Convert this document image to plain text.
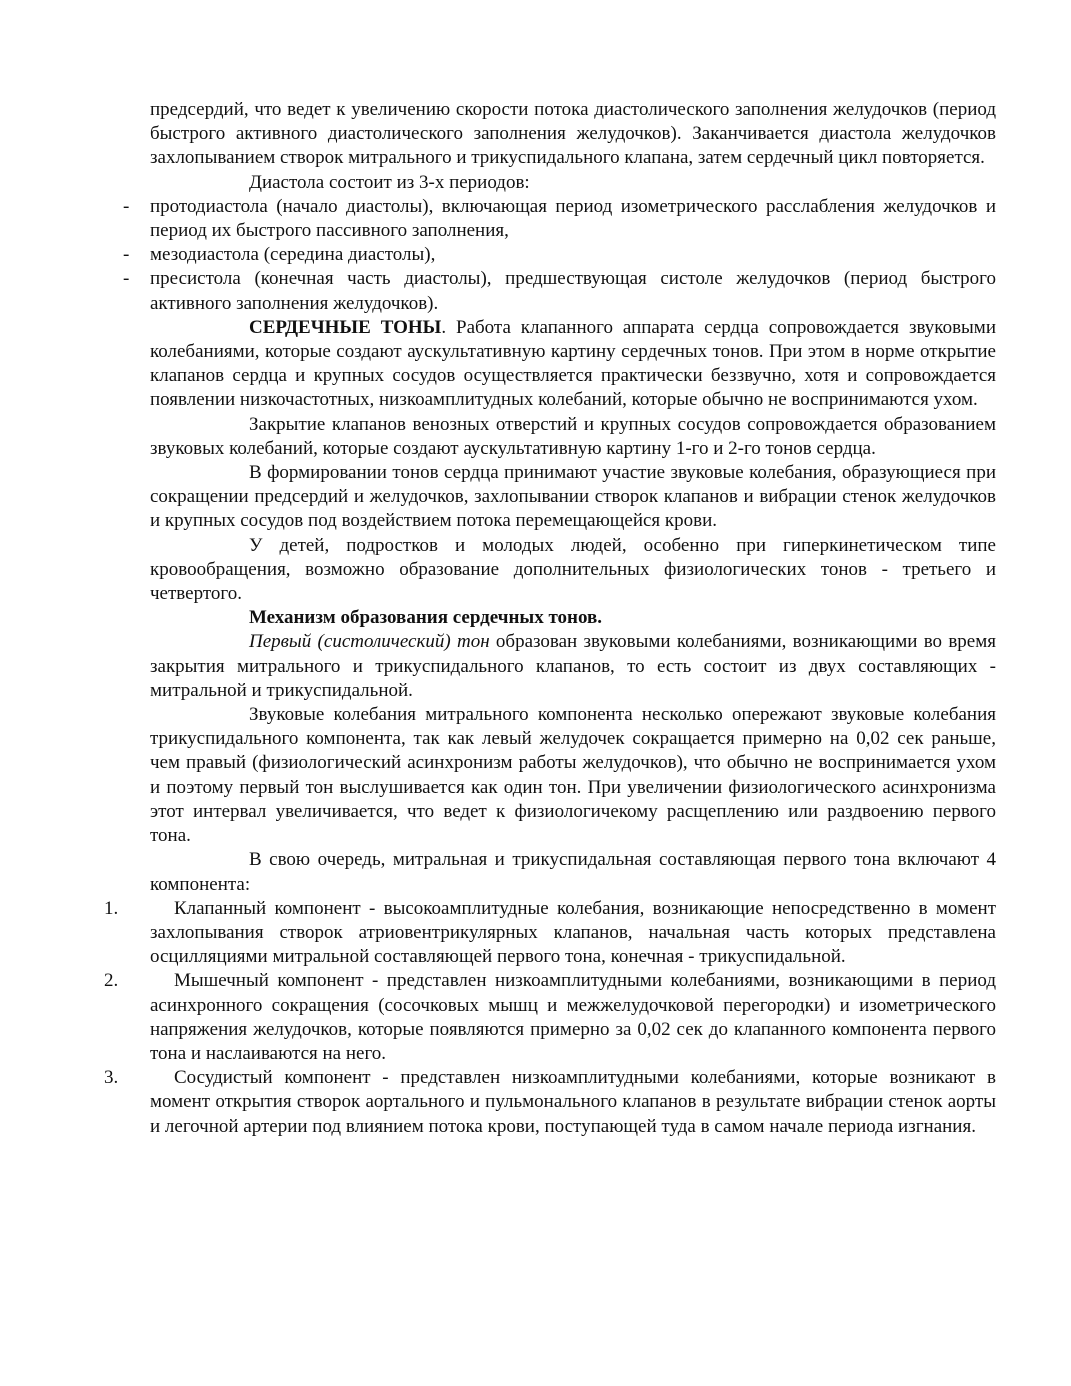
предсердий, что ведет к увеличению скорости потока диастолического заполнения желудочков (период быстрого активного диастолического заполнения желудочков). Заканчивается диастола желудочков захлопыванием створок митрального и трикуспидального клапана, затем сердечный цикл повторяется.

Диастола состоит из 3-х периодов:

- протодиастола (начало диастолы), включающая период изометрического расслабления желудочков и период их быстрого пассивного заполнения,

- мезодиастола (середина диастолы),

- пресистола (конечная часть диастолы), предшествующая систоле желудочков (период быстрого активного заполнения желудочков).

СЕРДЕЧНЫЕ ТОНЫ. Работа клапанного аппарата сердца сопровождается звуковыми колебаниями, которые создают аускультативную картину сердечных тонов. При этом в норме открытие клапанов сердца и крупных сосудов осуществляется практически беззвучно, хотя и сопровождается появлении низкочастотных, низкоамплитудных колебаний, которые обычно не воспринимаются ухом.

Закрытие клапанов венозных отверстий и крупных сосудов сопровождается образованием звуковых колебаний, которые создают аускультативную картину 1-го и 2-го тонов сердца.

В формировании тонов сердца принимают участие звуковые колебания, образующиеся при сокращении предсердий и желудочков, захлопывании створок клапанов и вибрации стенок желудочков и крупных сосудов под воздействием потока перемещающейся крови.

У детей, подростков и молодых людей, особенно при гиперкинетическом типе кровообращения, возможно образование дополнительных физиологических тонов - третьего и четвертого.

Механизм образования сердечных тонов.

Первый (систолический) тон образован звуковыми колебаниями, возникающими во время закрытия митрального и трикуспидального клапанов, то есть состоит из двух составляющих - митральной и трикуспидальной.

Звуковые колебания митрального компонента несколько опережают звуковые колебания трикуспидального компонента, так как левый желудочек сокращается примерно на 0,02 сек раньше, чем правый (физиологический асинхронизм работы желудочков), что обычно не воспринимается ухом и поэтому первый тон выслушивается как один тон. При увеличении физиологического асинхронизма этот интервал увеличивается, что ведет к физиологичекому расщеплению или раздвоению первого тона.

В свою очередь, митральная и трикуспидальная составляющая первого тона включают 4 компонента:

1.	Клапанный компонент - высокоамплитудные колебания, возникающие непосредственно в момент захлопывания створок атриовентрикулярных клапанов, начальная часть которых представлена осцилляциями митральной составляющей первого тона, конечная - трикуспидальной.

2.	Мышечный компонент - представлен низкоамплитудными колебаниями, возникающими в период асинхронного сокращения (сосочковых мышц и межжелудочковой перегородки) и изометрического напряжения желудочков, которые появляются примерно за 0,02 сек до клапанного компонента первого тона и наслаиваются на него.

3.	Сосудистый компонент - представлен низкоамплитудными колебаниями, которые возникают в момент открытия створок аортального и пульмонального клапанов в результате вибрации стенок аорты и легочной артерии под влиянием потока крови, поступающей туда в самом начале периода изгнания.
